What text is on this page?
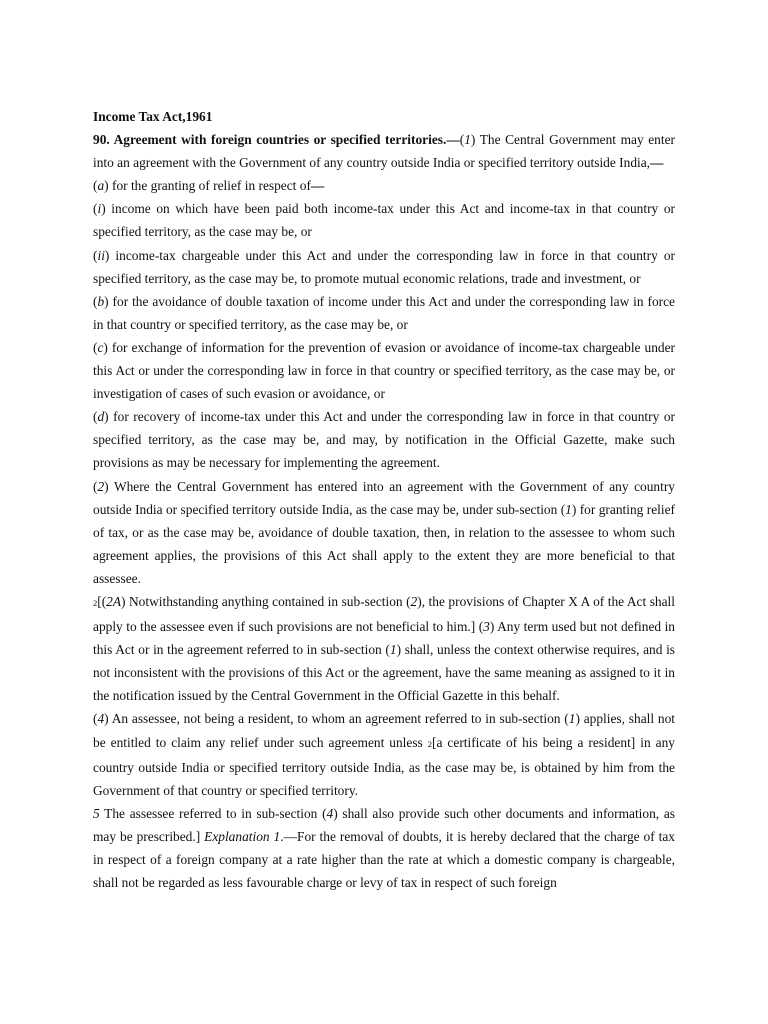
Income Tax Act,1961

90. Agreement with foreign countries or specified territories.—(1) The Central Government may enter into an agreement with the Government of any country outside India or specified territory outside India,—

(a) for the granting of relief in respect of—

(i) income on which have been paid both income-tax under this Act and income-tax in that country or specified territory, as the case may be, or

(ii) income-tax chargeable under this Act and under the corresponding law in force in that country or specified territory, as the case may be, to promote mutual economic relations, trade and investment, or

(b) for the avoidance of double taxation of income under this Act and under the corresponding law in force in that country or specified territory, as the case may be, or

(c) for exchange of information for the prevention of evasion or avoidance of income-tax chargeable under this Act or under the corresponding law in force in that country or specified territory, as the case may be, or investigation of cases of such evasion or avoidance, or

(d) for recovery of income-tax under this Act and under the corresponding law in force in that country or specified territory, as the case may be, and may, by notification in the Official Gazette, make such provisions as may be necessary for implementing the agreement.

(2) Where the Central Government has entered into an agreement with the Government of any country outside India or specified territory outside India, as the case may be, under sub-section (1) for granting relief of tax, or as the case may be, avoidance of double taxation, then, in relation to the assessee to whom such agreement applies, the provisions of this Act shall apply to the extent they are more beneficial to that assessee.

2[(2A) Notwithstanding anything contained in sub-section (2), the provisions of Chapter X A of the Act shall apply to the assessee even if such provisions are not beneficial to him.] (3) Any term used but not defined in this Act or in the agreement referred to in sub-section (1) shall, unless the context otherwise requires, and is not inconsistent with the provisions of this Act or the agreement, have the same meaning as assigned to it in the notification issued by the Central Government in the Official Gazette in this behalf.

(4) An assessee, not being a resident, to whom an agreement referred to in sub-section (1) applies, shall not be entitled to claim any relief under such agreement unless 2[a certificate of his being a resident] in any country outside India or specified territory outside India, as the case may be, is obtained by him from the Government of that country or specified territory.

5 The assessee referred to in sub-section (4) shall also provide such other documents and information, as may be prescribed.] Explanation 1.—For the removal of doubts, it is hereby declared that the charge of tax in respect of a foreign company at a rate higher than the rate at which a domestic company is chargeable, shall not be regarded as less favourable charge or levy of tax in respect of such foreign
